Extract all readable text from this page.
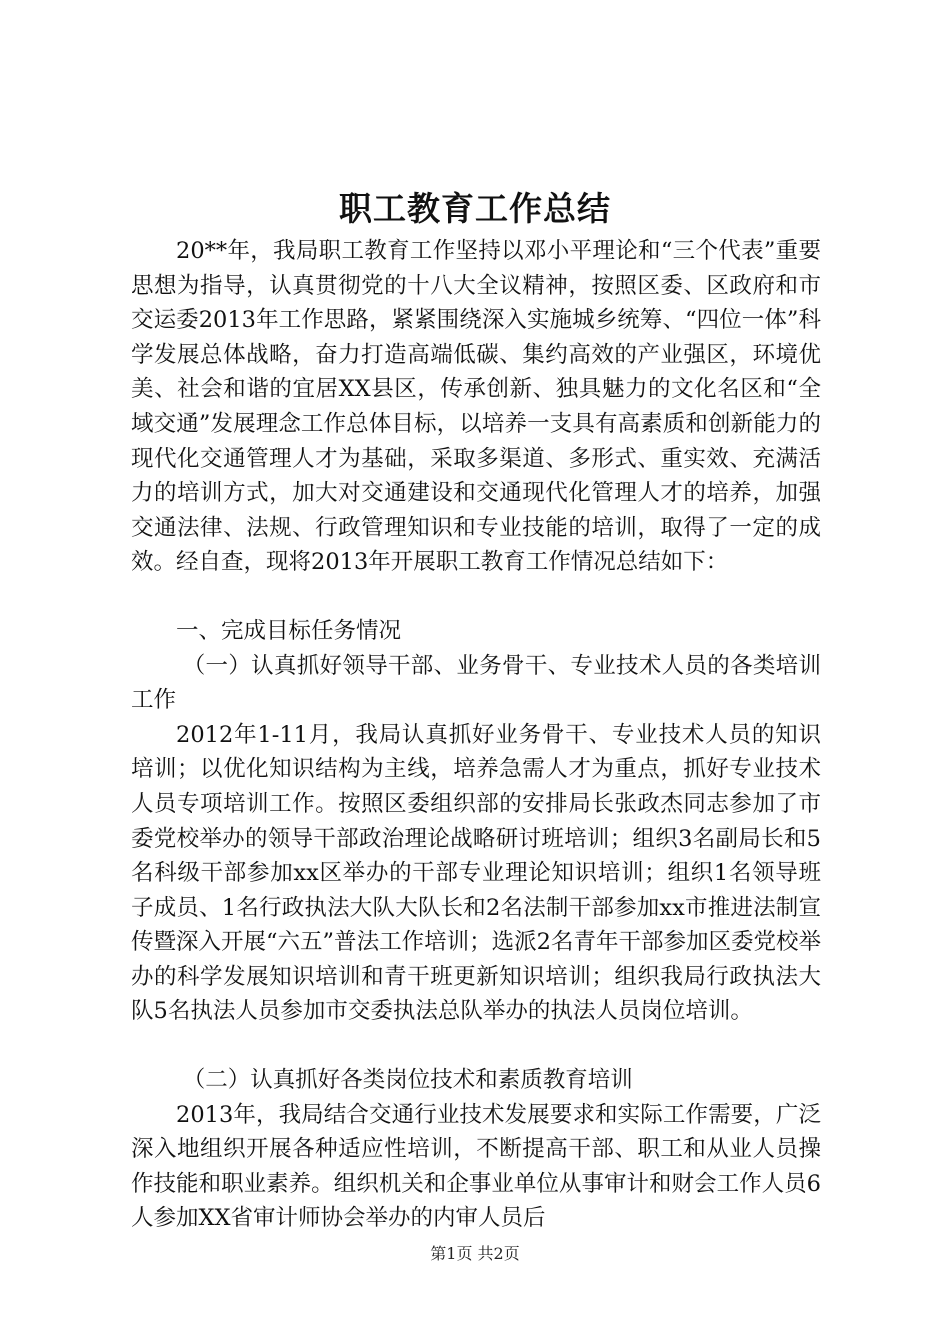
职工教育工作总结

20**年，我局职工教育工作坚持以邓小平理论和“三个代表”重要思想为指导，认真贯彻党的十八大全议精神，按照区委、区政府和市交运委2013年工作思路，紧紧围绕深入实施城乡统筹、“四位一体”科学发展总体战略，奋力打造高端低碳、集约高效的产业强区，环境优美、社会和谐的宜居XX县区，传承创新、独具魅力的文化名区和“全域交通”发展理念工作总体目标，以培养一支具有高素质和创新能力的现代化交通管理人才为基础，采取多渠道、多形式、重实效、充满活力的培训方式，加大对交通建设和交通现代化管理人才的培养，加强交通法律、法规、行政管理知识和专业技能的培训，取得了一定的成效。经自查，现将2013年开展职工教育工作情况总结如下：

一、完成目标任务情况

（一）认真抓好领导干部、业务骨干、专业技术人员的各类培训工作

2012年1-11月，我局认真抓好业务骨干、专业技术人员的知识培训；以优化知识结构为主线，培养急需人才为重点，抓好专业技术人员专项培训工作。按照区委组织部的安排局长张政杰同志参加了市委党校举办的领导干部政治理论战略研讨班培训；组织3名副局长和5名科级干部参加xx区举办的干部专业理论知识培训；组织1名领导班子成员、1名行政执法大队大队长和2名法制干部参加xx市推进法制宣传暨深入开展“六五”普法工作培训；选派2名青年干部参加区委党校举办的科学发展知识培训和青干班更新知识培训；组织我局行政执法大队5名执法人员参加市交委执法总队举办的执法人员岗位培训。

（二）认真抓好各类岗位技术和素质教育培训

2013年，我局结合交通行业技术发展要求和实际工作需要，广泛深入地组织开展各种适应性培训，不断提高干部、职工和从业人员操作技能和职业素养。组织机关和企事业单位从事审计和财会工作人员6人参加XX省审计师协会举办的内审人员后

第1页 共2页
